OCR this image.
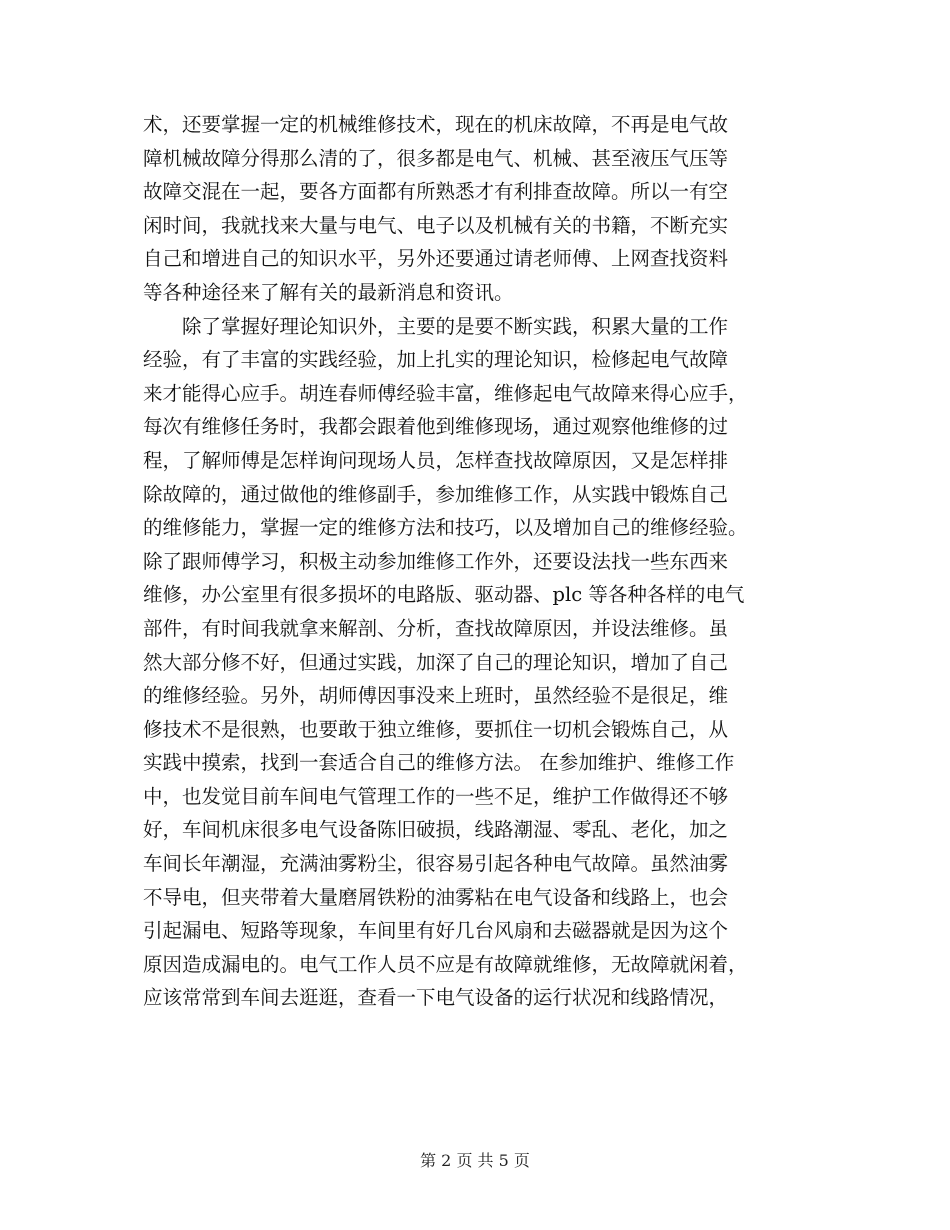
术，还要掌握一定的机械维修技术，现在的机床故障，不再是电气故
障机械故障分得那么清的了，很多都是电气、机械、甚至液压气压等
故障交混在一起，要各方面都有所熟悉才有利排查故障。所以一有空
闲时间，我就找来大量与电气、电子以及机械有关的书籍，不断充实
自己和增进自己的知识水平，另外还要通过请老师傅、上网查找资料
等各种途径来了解有关的最新消息和资讯。
除了掌握好理论知识外，主要的是要不断实践，积累大量的工作
经验，有了丰富的实践经验，加上扎实的理论知识，检修起电气故障
来才能得心应手。胡连春师傅经验丰富，维修起电气故障来得心应手，
每次有维修任务时，我都会跟着他到维修现场，通过观察他维修的过
程，了解师傅是怎样询问现场人员，怎样查找故障原因，又是怎样排
除故障的，通过做他的维修副手，参加维修工作，从实践中锻炼自己
的维修能力，掌握一定的维修方法和技巧，以及增加自己的维修经验。
除了跟师傅学习，积极主动参加维修工作外，还要设法找一些东西来
维修，办公室里有很多损坏的电路版、驱动器、plc 等各种各样的电气
部件，有时间我就拿来解剖、分析，查找故障原因，并设法维修。虽
然大部分修不好，但通过实践，加深了自己的理论知识，增加了自己
的维修经验。另外，胡师傅因事没来上班时，虽然经验不是很足，维
修技术不是很熟，也要敢于独立维修，要抓住一切机会锻炼自己，从
实践中摸索，找到一套适合自己的维修方法。 在参加维护、维修工作
中，也发觉目前车间电气管理工作的一些不足，维护工作做得还不够
好，车间机床很多电气设备陈旧破损，线路潮湿、零乱、老化，加之
车间长年潮湿，充满油雾粉尘，很容易引起各种电气故障。虽然油雾
不导电，但夹带着大量磨屑铁粉的油雾粘在电气设备和线路上，也会
引起漏电、短路等现象，车间里有好几台风扇和去磁器就是因为这个
原因造成漏电的。电气工作人员不应是有故障就维修，无故障就闲着，
应该常常到车间去逛逛，查看一下电气设备的运行状况和线路情况，
第 2 页 共 5 页
